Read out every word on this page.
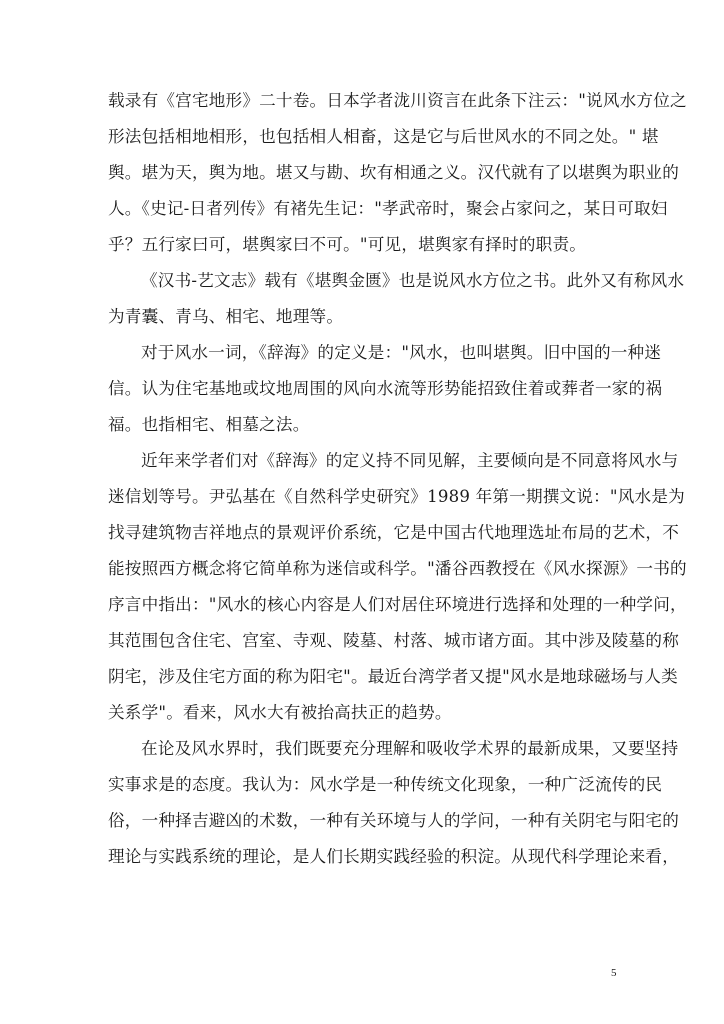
载录有《宫宅地形》二十卷。日本学者泷川资言在此条下注云："说风水方位之
形法包括相地相形，也包括相人相畜，这是它与后世风水的不同之处。" 堪
舆。堪为天，舆为地。堪又与勘、坎有相通之义。汉代就有了以堪舆为职业的
人。《史记-日者列传》有褚先生记："孝武帝时，聚会占家问之，某日可取妇
乎？五行家曰可，堪舆家曰不可。"可见，堪舆家有择时的职责。
《汉书-艺文志》载有《堪舆金匮》也是说风水方位之书。此外又有称风水
为青囊、青乌、相宅、地理等。
对于风水一词，《辞海》的定义是："风水，也叫堪舆。旧中国的一种迷
信。认为住宅基地或坟地周围的风向水流等形势能招致住着或葬者一家的祸
福。也指相宅、相墓之法。
近年来学者们对《辞海》的定义持不同见解，主要倾向是不同意将风水与
迷信划等号。尹弘基在《自然科学史研究》1989 年第一期撰文说："风水是为
找寻建筑物吉祥地点的景观评价系统，它是中国古代地理选址布局的艺术，不
能按照西方概念将它简单称为迷信或科学。"潘谷西教授在《风水探源》一书的
序言中指出："风水的核心内容是人们对居住环境进行选择和处理的一种学问，
其范围包含住宅、宫室、寺观、陵墓、村落、城市诸方面。其中涉及陵墓的称
阴宅，涉及住宅方面的称为阳宅"。最近台湾学者又提"风水是地球磁场与人类
关系学"。看来，风水大有被抬高扶正的趋势。
在论及风水界时，我们既要充分理解和吸收学术界的最新成果，又要坚持
实事求是的态度。我认为：风水学是一种传统文化现象，一种广泛流传的民
俗，一种择吉避凶的术数，一种有关环境与人的学问，一种有关阴宅与阳宅的
理论与实践系统的理论，是人们长期实践经验的积淀。从现代科学理论来看，
5
